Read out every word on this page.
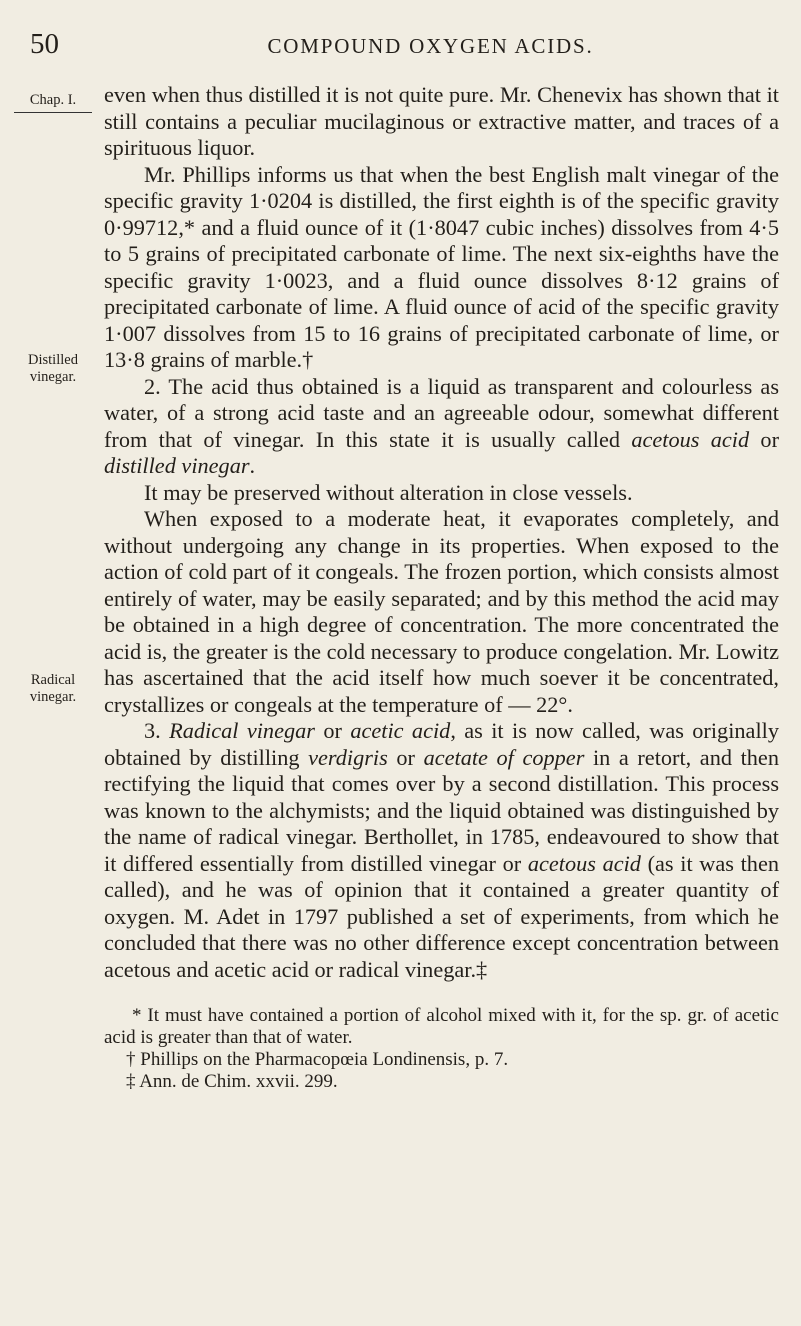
50	COMPOUND OXYGEN ACIDS.
Chap. I.
Distilled vinegar.
Radical vinegar.

even when thus distilled it is not quite pure. Mr. Chenevix has shown that it still contains a peculiar mucilaginous or extractive matter, and traces of a spirituous liquor.

Mr. Phillips informs us that when the best English malt vinegar of the specific gravity 1·0204 is distilled, the first eighth is of the specific gravity 0·99712,* and a fluid ounce of it (1·8047 cubic inches) dissolves from 4·5 to 5 grains of precipitated carbonate of lime. The next six-eighths have the specific gravity 1·0023, and a fluid ounce dissolves 8·12 grains of precipitated carbonate of lime. A fluid ounce of acid of the specific gravity 1·007 dissolves from 15 to 16 grains of precipitated carbonate of lime, or 13·8 grains of marble.†

2. The acid thus obtained is a liquid as transparent and colourless as water, of a strong acid taste and an agreeable odour, somewhat different from that of vinegar. In this state it is usually called acetous acid or distilled vinegar.

It may be preserved without alteration in close vessels.

When exposed to a moderate heat, it evaporates completely, and without undergoing any change in its properties. When exposed to the action of cold part of it congeals. The frozen portion, which consists almost entirely of water, may be easily separated; and by this method the acid may be obtained in a high degree of concentration. The more concentrated the acid is, the greater is the cold necessary to produce congelation. Mr. Lowitz has ascertained that the acid itself how much soever it be concentrated, crystallizes or congeals at the temperature of — 22°.

3. Radical vinegar or acetic acid, as it is now called, was originally obtained by distilling verdigris or acetate of copper in a retort, and then rectifying the liquid that comes over by a second distillation. This process was known to the alchymists; and the liquid obtained was distinguished by the name of radical vinegar. Berthollet, in 1785, endeavoured to show that it differed essentially from distilled vinegar or acetous acid (as it was then called), and he was of opinion that it contained a greater quantity of oxygen. M. Adet in 1797 published a set of experiments, from which he concluded that there was no other difference except concentration between acetous and acetic acid or radical vinegar.‡

* It must have contained a portion of alcohol mixed with it, for the sp. gr. of acetic acid is greater than that of water.

† Phillips on the Pharmacopœia Londinensis, p. 7.

‡ Ann. de Chim. xxvii. 299.
